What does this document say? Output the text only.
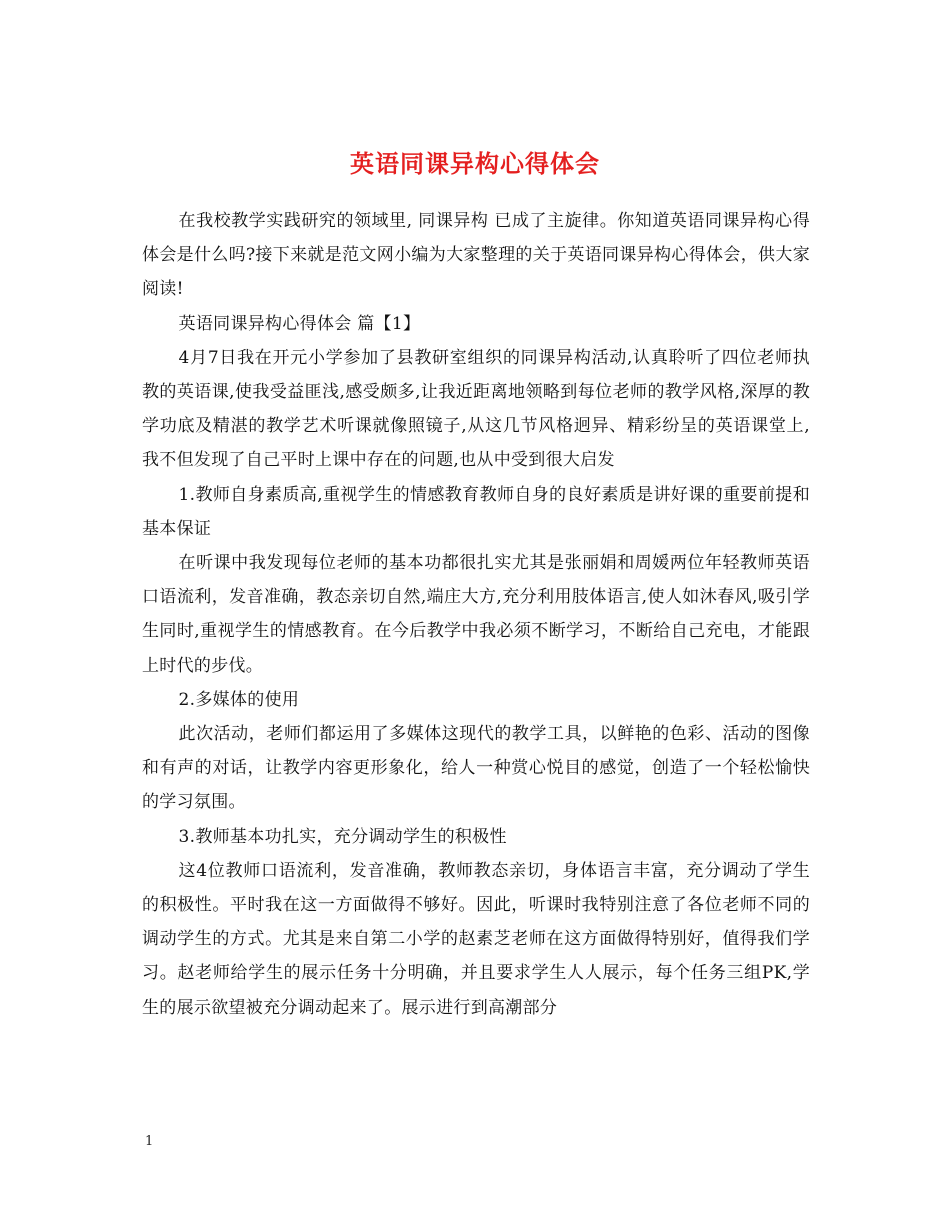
英语同课异构心得体会

在我校教学实践研究的领域里, 同课异构 已成了主旋律。你知道英语同课异构心得体会是什么吗?接下来就是范文网小编为大家整理的关于英语同课异构心得体会，供大家阅读!

英语同课异构心得体会 篇【1】

4月7日我在开元小学参加了县教研室组织的同课异构活动,认真聆听了四位老师执教的英语课,使我受益匪浅,感受颇多,让我近距离地领略到每位老师的教学风格,深厚的教学功底及精湛的教学艺术听课就像照镜子,从这几节风格迥异、精彩纷呈的英语课堂上,我不但发现了自己平时上课中存在的问题,也从中受到很大启发

1.教师自身素质高,重视学生的情感教育教师自身的良好素质是讲好课的重要前提和基本保证

在听课中我发现每位老师的基本功都很扎实尤其是张丽娟和周媛两位年轻教师英语口语流利，发音准确，教态亲切自然,端庄大方,充分利用肢体语言,使人如沐春风,吸引学生同时,重视学生的情感教育。在今后教学中我必须不断学习，不断给自己充电，才能跟上时代的步伐。

2.多媒体的使用

此次活动，老师们都运用了多媒体这现代的教学工具，以鲜艳的色彩、活动的图像和有声的对话，让教学内容更形象化，给人一种赏心悦目的感觉，创造了一个轻松愉快的学习氛围。

3.教师基本功扎实，充分调动学生的积极性

这4位教师口语流利，发音准确，教师教态亲切，身体语言丰富，充分调动了学生的积极性。平时我在这一方面做得不够好。因此，听课时我特别注意了各位老师不同的调动学生的方式。尤其是来自第二小学的赵素芝老师在这方面做得特别好，值得我们学习。赵老师给学生的展示任务十分明确，并且要求学生人人展示，每个任务三组PK,学生的展示欲望被充分调动起来了。展示进行到高潮部分

1
